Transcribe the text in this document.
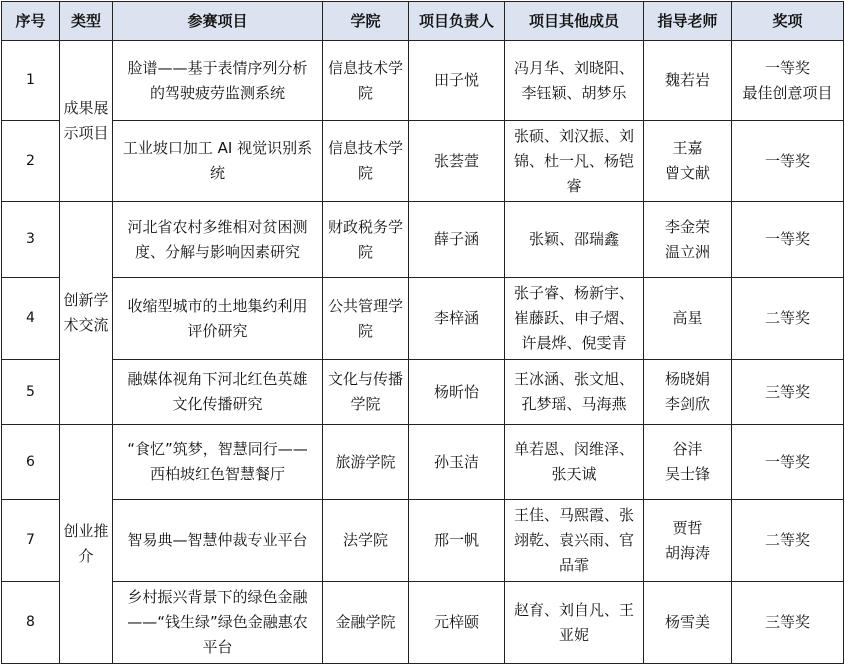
序号	类型	参赛项目	学院	项目负责人	项目其他成员	指导老师	奖项
1	成果展示项目	脸谱——基于表情序列分析的驾驶疲劳监测系统	信息技术学院	田子悦	冯月华、刘晓阳、李钰颖、胡梦乐	魏若岩	一等奖
最佳创意项目

2		工业坡口加工 AI 视觉识别系统	信息技术学院	张荟萱	张硕、刘汉振、刘锦、杜一凡、杨铠睿	王嘉
曾文献	一等奖
3	创新学术交流	河北省农村多维相对贫困测度、分解与影响因素研究	财政税务学院	薛子涵	张颖、邵瑞鑫	李金荣
温立洲	一等奖
4		收缩型城市的土地集约利用评价研究	公共管理学院	李梓涵	张子睿、杨新宇、崔藤跃、申子熠、许晨烨、倪雯青	高星	二等奖
5		融媒体视角下河北红色英雄文化传播研究	文化与传播学院	杨昕怡	王冰涵、张文旭、孔梦瑶、马海燕	杨晓娟
李剑欣	三等奖
6	创业推介	“食忆”筑梦，智慧同行——西柏坡红色智慧餐厅	旅游学院	孙玉洁	单若恩、闵维泽、张天诚	谷沣
吴士锋	一等奖
7		智易典—智慧仲裁专业平台	法学院	邢一帆	王佳、马熙霞、张翊乾、袁兴雨、官品霏	贾哲
胡海涛	二等奖
8		乡村振兴背景下的绿色金融——“钱生绿”绿色金融惠农平台	金融学院	元梓颐	赵育、刘自凡、王亚妮	杨雪美	三等奖
